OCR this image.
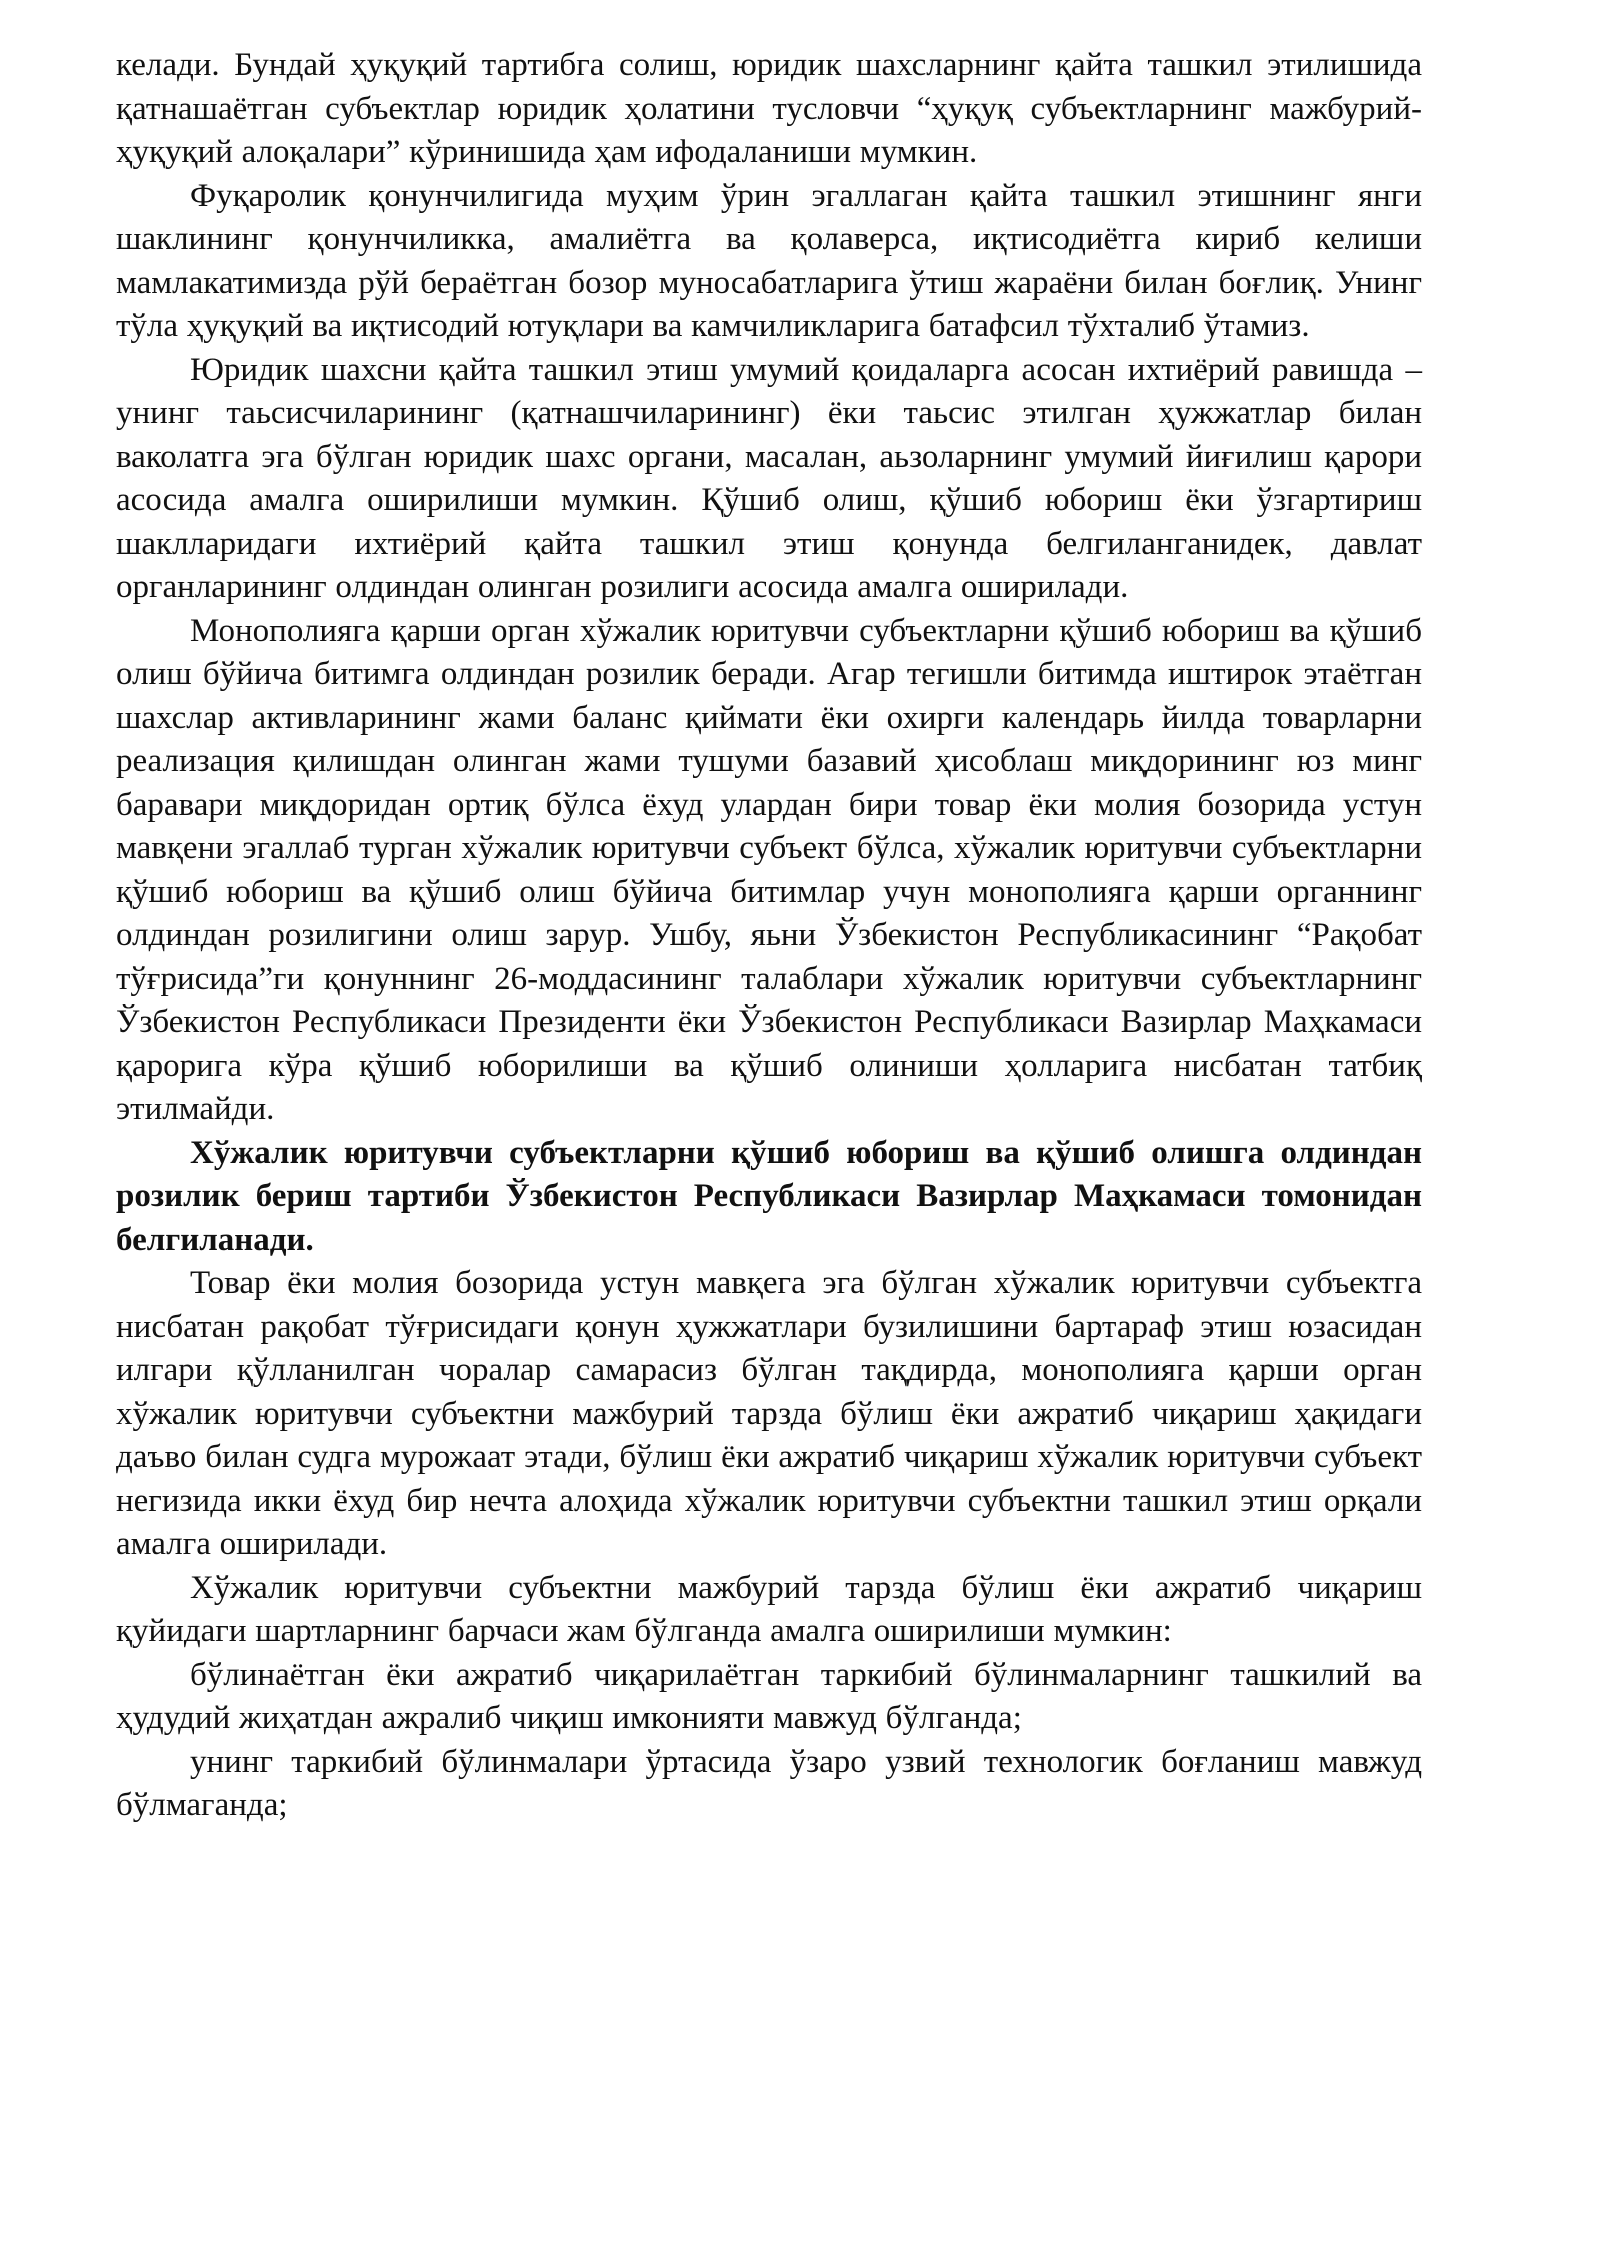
келади. Бундай ҳуқуқий тартибга солиш, юридик шахсларнинг қайта ташкил этилишида қатнашаётган субъектлар юридик ҳолатини тусловчи “ҳуқуқ субъектларнинг мажбурий-ҳуқуқий алоқалари” кўринишида ҳам ифодаланиши мумкин.

Фуқаролик қонунчилигида муҳим ўрин эгаллаган қайта ташкил этишнинг янги шаклининг қонунчиликка, амалиётга ва қолаверса, иқтисодиётга кириб келиши мамлакатимизда рўй бераётган бозор муносабатларига ўтиш жараёни билан боғлиқ. Унинг тўла ҳуқуқий ва иқтисодий ютуқлари ва камчиликларига батафсил тўхталиб ўтамиз.

Юридик шахсни қайта ташкил этиш умумий қоидаларга асосан ихтиёрий равишда – унинг таьсисчиларининг (қатнашчиларининг) ёки таьсис этилган ҳужжатлар билан ваколатга эга бўлган юридик шахс органи, масалан, аьзоларнинг умумий йиғилиш қарори асосида амалга оширилиши мумкин. Қўшиб олиш, қўшиб юбориш ёки ўзгартириш шаклларидаги ихтиёрий қайта ташкил этиш қонунда белгиланганидек, давлат органларининг олдиндан олинган розилиги асосида амалга оширилади.

Монополияга қарши орган хўжалик юритувчи субъектларни қўшиб юбориш ва қўшиб олиш бўйича битимга олдиндан розилик беради. Агар тегишли битимда иштирок этаётган шахслар активларининг жами баланс қиймати ёки охирги календарь йилда товарларни реализация қилишдан олинган жами тушуми базавий ҳисоблаш миқдорининг юз минг баравари миқдоридан ортиқ бўлса ёхуд улардан бири товар ёки молия бозорида устун мавқени эгаллаб турган хўжалик юритувчи субъект бўлса, хўжалик юритувчи субъектларни қўшиб юбориш ва қўшиб олиш бўйича битимлар учун монополияга қарши органнинг олдиндан розилигини олиш зарур. Ушбу, яьни Ўзбекистон Республикасининг “Рақобат тўғрисида”ги қонуннинг 26-моддасининг талаблари хўжалик юритувчи субъектларнинг Ўзбекистон Республикаси Президенти ёки Ўзбекистон Республикаси Вазирлар Маҳкамаси қарорига кўра қўшиб юборилиши ва қўшиб олиниши ҳолларига нисбатан татбиқ этилмайди.

Хўжалик юритувчи субъектларни қўшиб юбориш ва қўшиб олишга олдиндан розилик бериш тартиби Ўзбекистон Республикаси Вазирлар Маҳкамаси томонидан белгиланади.

Товар ёки молия бозорида устун мавқега эга бўлган хўжалик юритувчи субъектга нисбатан рақобат тўғрисидаги қонун ҳужжатлари бузилишини бартараф этиш юзасидан илгари қўлланилган чоралар самарасиз бўлган тақдирда, монополияга қарши орган хўжалик юритувчи субъектни мажбурий тарзда бўлиш ёки ажратиб чиқариш ҳақидаги даъво билан судга мурожаат этади, бўлиш ёки ажратиб чиқариш хўжалик юритувчи субъект негизида икки ёхуд бир нечта алоҳида хўжалик юритувчи субъектни ташкил этиш орқали амалга оширилади.

Хўжалик юритувчи субъектни мажбурий тарзда бўлиш ёки ажратиб чиқариш қуйидаги шартларнинг барчаси жам бўлганда амалга оширилиши мумкин:

бўлинаётган ёки ажратиб чиқарилаётган таркибий бўлинмаларнинг ташкилий ва ҳудудий жиҳатдан ажралиб чиқиш имконияти мавжуд бўлганда;

унинг таркибий бўлинмалари ўртасида ўзаро узвий технологик боғланиш мавжуд бўлмаганда;
